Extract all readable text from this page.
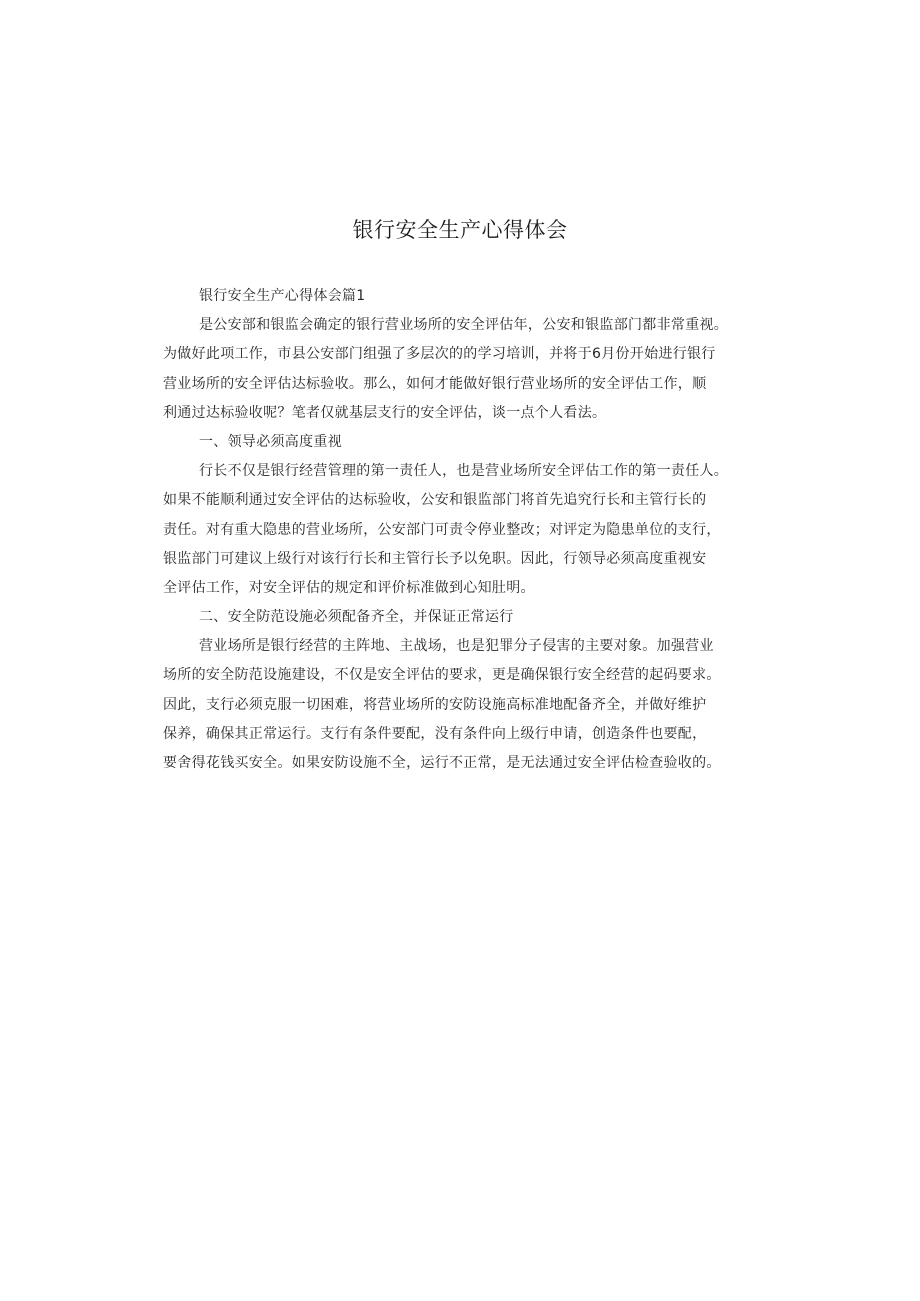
银行安全生产心得体会
银行安全生产心得体会篇1
是公安部和银监会确定的银行营业场所的安全评估年，公安和银监部门都非常重视。
为做好此项工作，市县公安部门组强了多层次的的学习培训，并将于6月份开始进行银行
营业场所的安全评估达标验收。那么，如何才能做好银行营业场所的安全评估工作，顺
利通过达标验收呢？笔者仅就基层支行的安全评估，谈一点个人看法。
一、领导必须高度重视
行长不仅是银行经营管理的第一责任人，也是营业场所安全评估工作的第一责任人。
如果不能顺利通过安全评估的达标验收，公安和银监部门将首先追究行长和主管行长的
责任。对有重大隐患的营业场所，公安部门可责令停业整改；对评定为隐患单位的支行，
银监部门可建议上级行对该行行长和主管行长予以免职。因此，行领导必须高度重视安
全评估工作，对安全评估的规定和评价标准做到心知肚明。
二、安全防范设施必须配备齐全，并保证正常运行
营业场所是银行经营的主阵地、主战场，也是犯罪分子侵害的主要对象。加强营业
场所的安全防范设施建设，不仅是安全评估的要求，更是确保银行安全经营的起码要求。
因此，支行必须克服一切困难，将营业场所的安防设施高标准地配备齐全，并做好维护
保养，确保其正常运行。支行有条件要配，没有条件向上级行申请，创造条件也要配，
要舍得花钱买安全。如果安防设施不全，运行不正常，是无法通过安全评估检查验收的。
